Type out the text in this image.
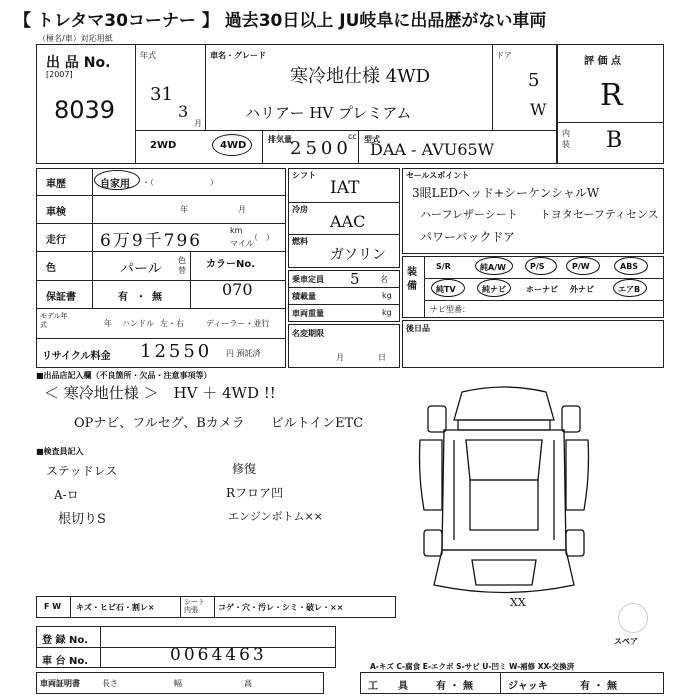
【 トレタマ30コーナー 】 過去30日以上 JU岐阜に出品歴がない車両
（極名/車）対応用紙
出 品 No.
[2007]
8039
年式
31
3
月
車名・グレード
寒冷地仕様 4WD
ハリアー HV プレミアム
ドア
5
W
評 価 点
R
内 装 B
2WD	4WD
排気量
2500
cc 型式
DAA - AVU65W
車歴	自家用 ・（　　　　　　　）
車検	年	月
走行 6万9千796
km
マイル
（　）
色	パール
色替
カラーNo.
070
保証書	有 ・ 無
モデル年式	年 ハンドル 左・右	ディーラー・並行
リサイクル料金 12550 円 預託済
シフト
IAT
冷房
AAC
燃料
ガソリン
乗車定員 5	名
積載量	kg
車両重量	kg
名変期限
月	日
セールスポイント
3眼LEDヘッド+シーケンシャルW
ハーフレザーシート　　トヨタセーフティセンス
パワーバックドア
装備
S/R	純A/W	P/S	P/W	ABS
純TV	純ナビ	ホーナビ 外ナビ	エアB
ナビ型番：
後日品
■出品店記入欄（不良箇所・欠品・注意事項等）
＜ 寒冷地仕様 ＞　HV ＋ 4WD !!
OPナビ、フルセグ、Bカメラ　　ビルトインETC
■検査員記入
ステッドレス
A-ロ
根切りS
修復
Rフロア凹
エンジンボトム××
XX
スペア
F W キズ・ヒビ石・割レ×
シート内張	コゲ・穴・汚レ・シミ・破レ・××
登 録 No.
車 台 No.	0064463
A-キズ C-腐食 E-エクボ S-サビ U-凹ミ W-補修 XX-交換済
車両証明書	長さ	幅	高	工　　具	有 ・ 無	ジャッキ	有 ・ 無
